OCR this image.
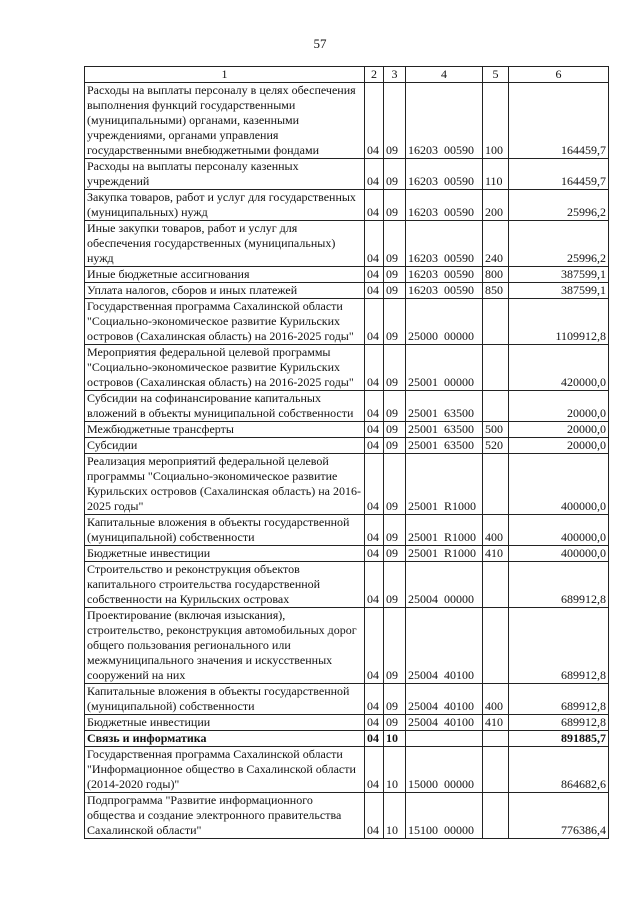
57
1	2	3	4	5	6
Расходы на выплаты персоналу в целях обеспечения выполнения функций государственными (муниципальными) органами, казенными учреждениями, органами управления государственными внебюджетными фондами	04	09	16203  00590	100	164459,7
Расходы на выплаты персоналу казенных учреждений	04	09	16203  00590	110	164459,7
Закупка товаров, работ и услуг для государственных (муниципальных) нужд	04	09	16203  00590	200	25996,2
Иные закупки товаров, работ и услуг для обеспечения государственных (муниципальных) нужд	04	09	16203  00590	240	25996,2
Иные бюджетные ассигнования	04	09	16203  00590	800	387599,1
Уплата налогов, сборов и иных платежей	04	09	16203  00590	850	387599,1
Государственная программа Сахалинской области "Социально-экономическое развитие Курильских островов (Сахалинская область) на 2016-2025 годы"	04	09	25000  00000		1109912,8
Мероприятия федеральной целевой программы "Социально-экономическое развитие Курильских островов (Сахалинская область) на 2016-2025 годы"	04	09	25001  00000		420000,0
Субсидии на софинансирование капитальных вложений в объекты муниципальной собственности	04	09	25001  63500		20000,0
Межбюджетные трансферты	04	09	25001  63500	500	20000,0
Субсидии	04	09	25001  63500	520	20000,0
Реализация мероприятий федеральной целевой программы "Социально-экономическое развитие Курильских островов (Сахалинская область) на 2016-2025 годы"	04	09	25001  R1000		400000,0
Капитальные вложения в объекты государственной (муниципальной) собственности	04	09	25001  R1000	400	400000,0
Бюджетные инвестиции	04	09	25001  R1000	410	400000,0
Строительство и реконструкция объектов капитального строительства государственной собственности на Курильских островах	04	09	25004  00000		689912,8
Проектирование (включая изыскания), строительство, реконструкция автомобильных дорог общего пользования регионального или межмуниципального значения и искусственных сооружений на них	04	09	25004  40100		689912,8
Капитальные вложения в объекты государственной (муниципальной) собственности	04	09	25004  40100	400	689912,8
Бюджетные инвестиции	04	09	25004  40100	410	689912,8
Связь и информатика	04	10			891885,7
Государственная программа Сахалинской области "Информационное общество в Сахалинской области (2014-2020 годы)"	04	10	15000  00000		864682,6
Подпрограмма "Развитие информационного общества и создание электронного правительства Сахалинской области"	04	10	15100  00000		776386,4
